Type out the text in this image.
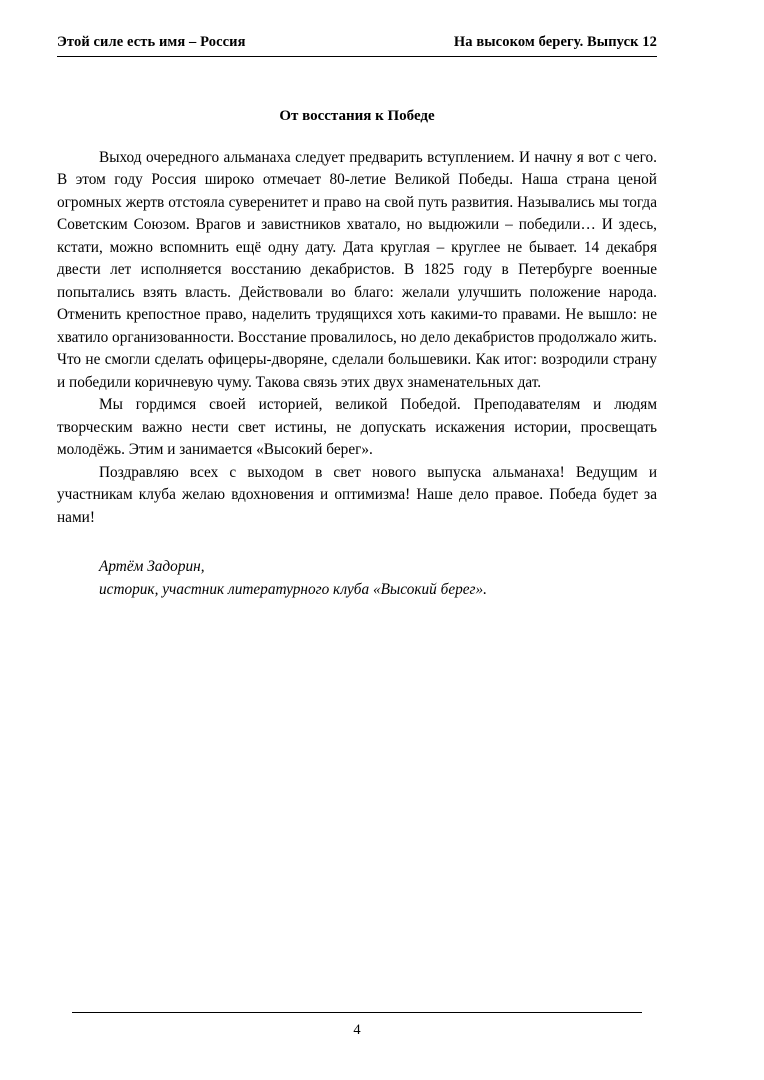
Этой силе есть имя – Россия	На высоком берегу. Выпуск 12
От восстания к Победе

Выход очередного альманаха следует предварить вступлением. И начну я вот с чего. В этом году Россия широко отмечает 80-летие Великой Победы. Наша страна ценой огромных жертв отстояла суверенитет и право на свой путь развития. Назывались мы тогда Советским Союзом. Врагов и завистников хватало, но выдюжили – победили… И здесь, кстати, можно вспомнить ещё одну дату. Дата круглая – круглее не бывает. 14 декабря двести лет исполняется восстанию декабристов. В 1825 году в Петербурге военные попытались взять власть. Действовали во благо: желали улучшить положение народа. Отменить крепостное право, наделить трудящихся хоть какими-то правами. Не вышло: не хватило организованности. Восстание провалилось, но дело декабристов продолжало жить. Что не смогли сделать офицеры-дворяне, сделали большевики. Как итог: возродили страну и победили коричневую чуму. Такова связь этих двух знаменательных дат.

Мы гордимся своей историей, великой Победой. Преподавателям и людям творческим важно нести свет истины, не допускать искажения истории, просвещать молодёжь. Этим и занимается «Высокий берег».

Поздравляю всех с выходом в свет нового выпуска альманаха! Ведущим и участникам клуба желаю вдохновения и оптимизма! Наше дело правое. Победа будет за нами!

Артём Задорин,
историк, участник литературного клуба «Высокий берег».
4
